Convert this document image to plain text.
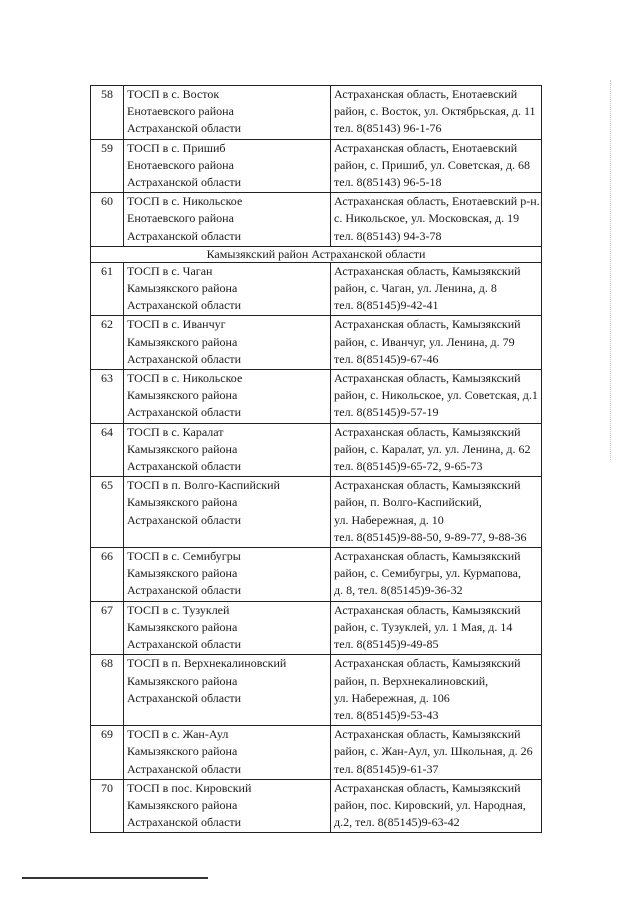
58	ТОСП в с. Восток
Енотаевского района
Астраханской области	Астраханская область, Енотаевский
район, с. Восток, ул. Октябрьская, д. 11
тел. 8(85143) 96-1-76

59	ТОСП в с. Пришиб
Енотаевского района
Астраханской области	Астраханская область, Енотаевский
район, с. Пришиб, ул. Советская, д. 68
тел. 8(85143) 96-5-18

60	ТОСП в с. Никольское
Енотаевского района
Астраханской области	Астраханская область, Енотаевский р-н.
с. Никольское, ул. Московская, д. 19
тел. 8(85143) 94-3-78

Камызякский район Астраханской области		
61	ТОСП в с. Чаган
Камызякского района
Астраханской области	Астраханская область, Камызякский
район, с. Чаган, ул. Ленина, д. 8
тел. 8(85145)9-42-41

62	ТОСП в с. Иванчуг
Камызякского района
Астраханской области	Астраханская область, Камызякский
район, с. Иванчуг, ул. Ленина, д. 79
тел. 8(85145)9-67-46

63	ТОСП в с. Никольское
Камызякского района
Астраханской области	Астраханская область, Камызякский
район, с. Никольское, ул. Советская, д.1
тел. 8(85145)9-57-19

64	ТОСП в с. Каралат
Камызякского района
Астраханской области	Астраханская область, Камызякский
район, с. Каралат, ул. ул. Ленина, д. 62
тел. 8(85145)9-65-72, 9-65-73

65	ТОСП в п. Волго-Каспийский
Камызякского района
Астраханской области	Астраханская область, Камызякский
район, п. Волго-Каспийский,
ул. Набережная, д. 10
тел. 8(85145)9-88-50, 9-89-77, 9-88-36

66	ТОСП в с. Семибугры
Камызякского района
Астраханской области	Астраханская область, Камызякский
район, с. Семибугры, ул. Курмапова,
д. 8, тел. 8(85145)9-36-32

67	ТОСП в с. Тузуклей
Камызякского района
Астраханской области	Астраханская область, Камызякский
район, с. Тузуклей, ул. 1 Мая, д. 14
тел. 8(85145)9-49-85

68	ТОСП в п. Верхнекалиновский
Камызякского района
Астраханской области	Астраханская область, Камызякский
район, п. Верхнекалиновский,
ул. Набережная, д. 106
тел. 8(85145)9-53-43

69	ТОСП в с. Жан-Аул
Камызякского района
Астраханской области	Астраханская область, Камызякский
район, с. Жан-Аул, ул. Школьная, д. 26
тел. 8(85145)9-61-37

70	ТОСП в пос. Кировский
Камызякского района
Астраханской области	Астраханская область, Камызякский
район, пос. Кировский, ул. Народная,
д.2, тел. 8(85145)9-63-42
